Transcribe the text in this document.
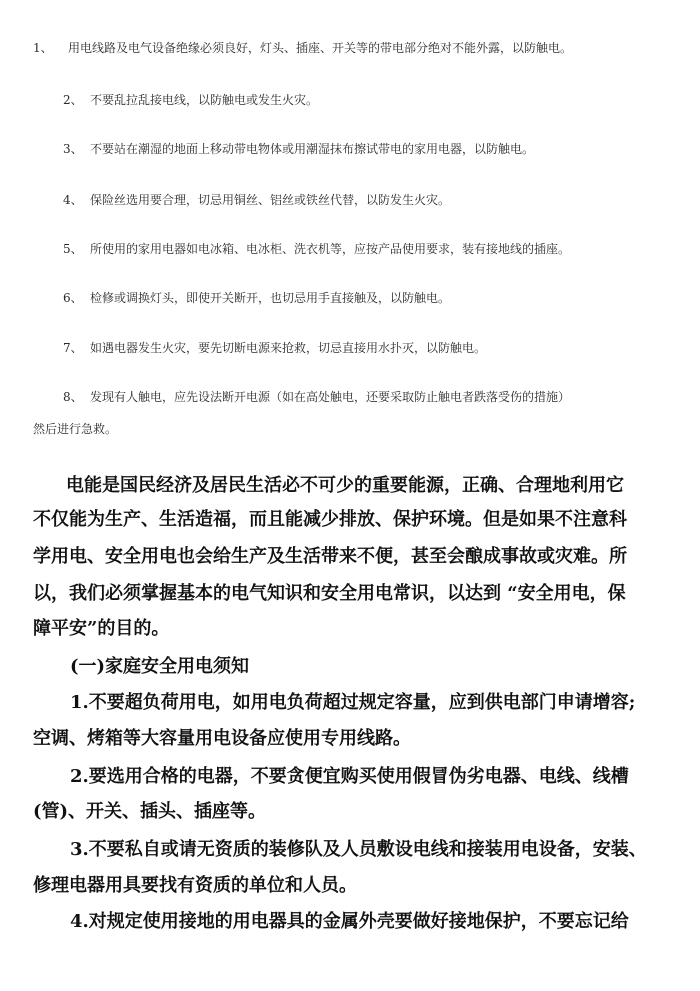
1、 用电线路及电气设备绝缘必须良好，灯头、插座、开关等的带电部分绝对不能外露，以防触电。
2、 不要乱拉乱接电线，以防触电或发生火灾。
3、 不要站在潮湿的地面上移动带电物体或用潮湿抹布擦试带电的家用电器，以防触电。
4、 保险丝选用要合理，切忌用铜丝、铝丝或铁丝代替，以防发生火灾。
5、 所使用的家用电器如电冰箱、电冰柜、洗衣机等，应按产品使用要求，装有接地线的插座。
6、 检修或调换灯头，即使开关断开，也切忌用手直接触及，以防触电。
7、 如遇电器发生火灾，要先切断电源来抢救，切忌直接用水扑灭，以防触电。
8、 发现有人触电，应先设法断开电源（如在高处触电，还要采取防止触电者跌落受伤的措施）
然后进行急救。
电能是国民经济及居民生活必不可少的重要能源，正确、合理地利用它
不仅能为生产、生活造福，而且能减少排放、保护环境。但是如果不注意科
学用电、安全用电也会给生产及生活带来不便，甚至会酿成事故或灾难。所
以，我们必须掌握基本的电气知识和安全用电常识，以达到 “安全用电，保
障平安”的目的。
(一)家庭安全用电须知
1.不要超负荷用电，如用电负荷超过规定容量，应到供电部门申请增容;
空调、烤箱等大容量用电设备应使用专用线路。
2.要选用合格的电器，不要贪便宜购买使用假冒伪劣电器、电线、线槽
(管)、开关、插头、插座等。
3.不要私自或请无资质的装修队及人员敷设电线和接装用电设备，安装、
修理电器用具要找有资质的单位和人员。
4.对规定使用接地的用电器具的金属外壳要做好接地保护，不要忘记给
